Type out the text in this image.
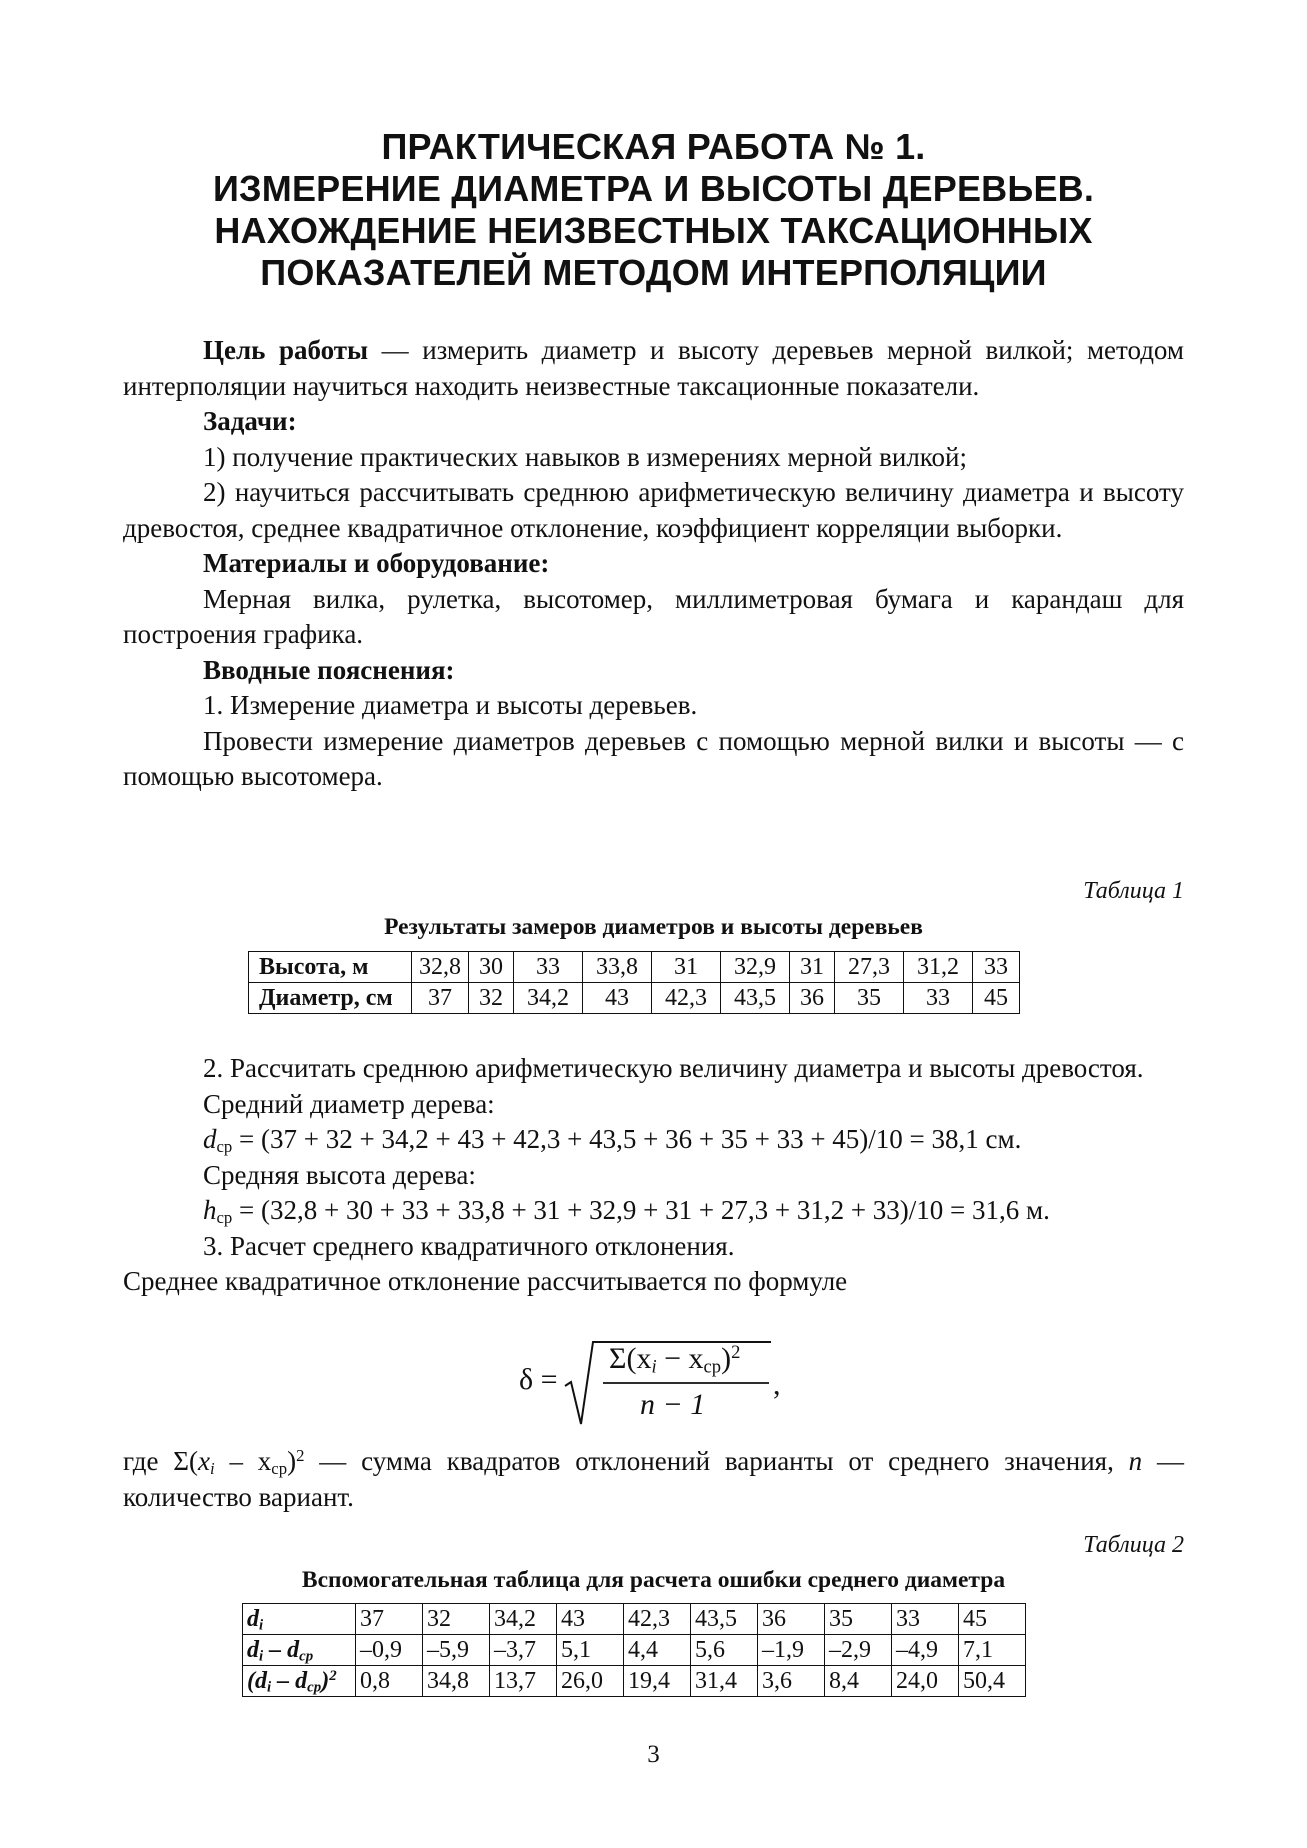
ПРАКТИЧЕСКАЯ РАБОТА № 1.
ИЗМЕРЕНИЕ ДИАМЕТРА И ВЫСОТЫ ДЕРЕВЬЕВ.
НАХОЖДЕНИЕ НЕИЗВЕСТНЫХ ТАКСАЦИОННЫХ
ПОКАЗАТЕЛЕЙ МЕТОДОМ ИНТЕРПОЛЯЦИИ

Цель работы — измерить диаметр и высоту деревьев мерной вилкой; методом интерполяции научиться находить неизвестные таксационные показатели.

Задачи:

1) получение практических навыков в измерениях мерной вилкой;

2) научиться рассчитывать среднюю арифметическую величину диаметра и высоту древостоя, среднее квадратичное отклонение, коэффициент корреляции выборки.

Материалы и оборудование:

Мерная вилка, рулетка, высотомер, миллиметровая бумага и карандаш для построения графика.

Вводные пояснения:

1. Измерение диаметра и высоты деревьев.

Провести измерение диаметров деревьев с помощью мерной вилки и высоты — с помощью высотомера.

Таблица 1
Результаты замеров диаметров и высоты деревьев
Высота, м	32,8	30	33	33,8	31	32,9	31	27,3	31,2	33
Диаметр, см	37	32	34,2	43	42,3	43,5	36	35	33	45

2. Рассчитать среднюю арифметическую величину диаметра и высоты древостоя.

Средний диаметр дерева:

$d_{ср} = (37 + 32 + 34,2 + 43 + 42,3 + 43,5 + 36 + 35 + 33 + 45)/10 = 38,1$ см.

Средняя высота дерева:

$h_{ср} = (32,8 + 30 + 33 + 33,8 + 31 + 32,9 + 31 + 27,3 + 31,2 + 33)/10 = 31,6$ м.

3. Расчет среднего квадратичного отклонения.

Среднее квадратичное отклонение рассчитывается по формуле

δ =
$\Sigma(x_i - x_{ср})^2$
n − 1
,

где $\Sigma(x_i - x_{ср})^2$ — сумма квадратов отклонений варианты от среднего значения, n — количество вариант.

Таблица 2
Вспомогательная таблица для расчета ошибки среднего диаметра
$d_i$	37	32	34,2	43	42,3	43,5	36	35	33	45
$d_i - d_{ср}$	–0,9	–5,9	–3,7	5,1	4,4	5,6	–1,9	–2,9	–4,9	7,1
$(d_i - d_{ср})^2$	0,8	34,8	13,7	26,0	19,4	31,4	3,6	8,4	24,0	50,4
3
